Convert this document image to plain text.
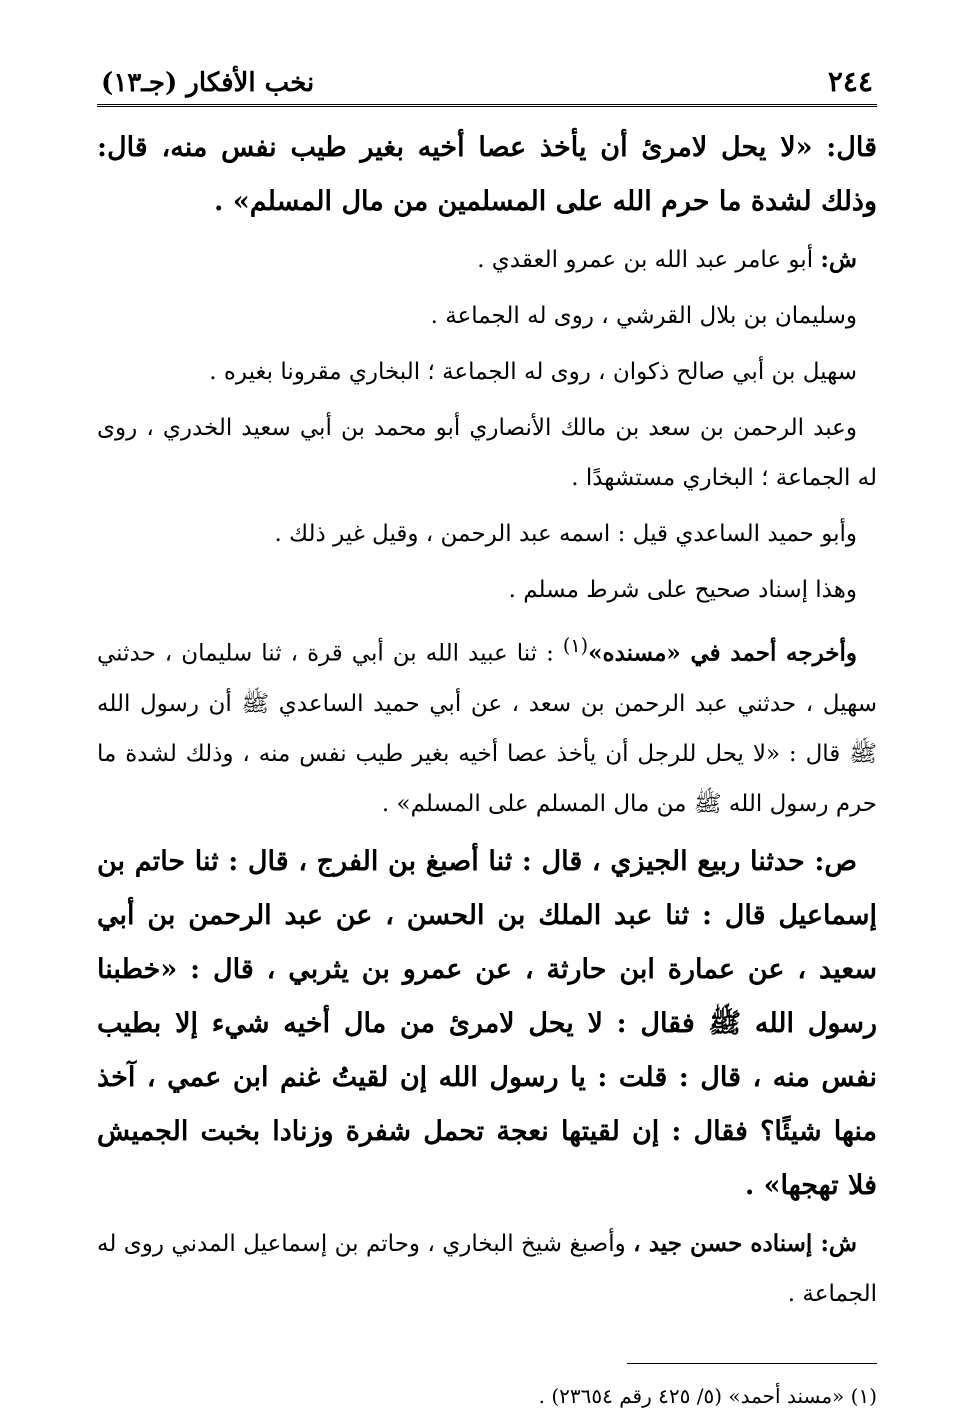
٢٤٤
نخب الأفكار (جـ١٣)

قال: «لا يحل لامرئ أن يأخذ عصا أخيه بغير طيب نفس منه، قال: وذلك لشدة ما حرم الله على المسلمين من مال المسلم» .

ش: أبو عامر عبد الله بن عمرو العقدي .

وسليمان بن بلال القرشي ، روى له الجماعة .

سهيل بن أبي صالح ذكوان ، روى له الجماعة ؛ البخاري مقرونا بغيره .

وعبد الرحمن بن سعد بن مالك الأنصاري أبو محمد بن أبي سعيد الخدري ، روى له الجماعة ؛ البخاري مستشهدًا .

وأبو حميد الساعدي قيل : اسمه عبد الرحمن ، وقيل غير ذلك .

وهذا إسناد صحيح على شرط مسلم .

وأخرجه أحمد في «مسنده»$^{(١)}$ : ثنا عبيد الله بن أبي قرة ، ثنا سليمان ، حدثني سهيل ، حدثني عبد الرحمن بن سعد ، عن أبي حميد الساعدي ﷺ أن رسول الله ﷺ قال : «لا يحل للرجل أن يأخذ عصا أخيه بغير طيب نفس منه ، وذلك لشدة ما حرم رسول الله ﷺ من مال المسلم على المسلم» .

ص: حدثنا ربيع الجيزي ، قال : ثنا أصبغ بن الفرج ، قال : ثنا حاتم بن إسماعيل قال : ثنا عبد الملك بن الحسن ، عن عبد الرحمن بن أبي سعيد ، عن عمارة ابن حارثة ، عن عمرو بن يثربي ، قال : «خطبنا رسول الله ﷺ فقال : لا يحل لامرئ من مال أخيه شيء إلا بطيب نفس منه ، قال : قلت : يا رسول الله إن لقيتُ غنم ابن عمي ، آخذ منها شيئًا؟ فقال : إن لقيتها نعجة تحمل شفرة وزنادا بخبت الجميش فلا تهجها» .

ش: إسناده حسن جيد ، وأصبغ شيخ البخاري ، وحاتم بن إسماعيل المدني روى له الجماعة .

(١) «مسند أحمد» (٥/ ٤٢٥ رقم ٢٣٦٥٤) .
